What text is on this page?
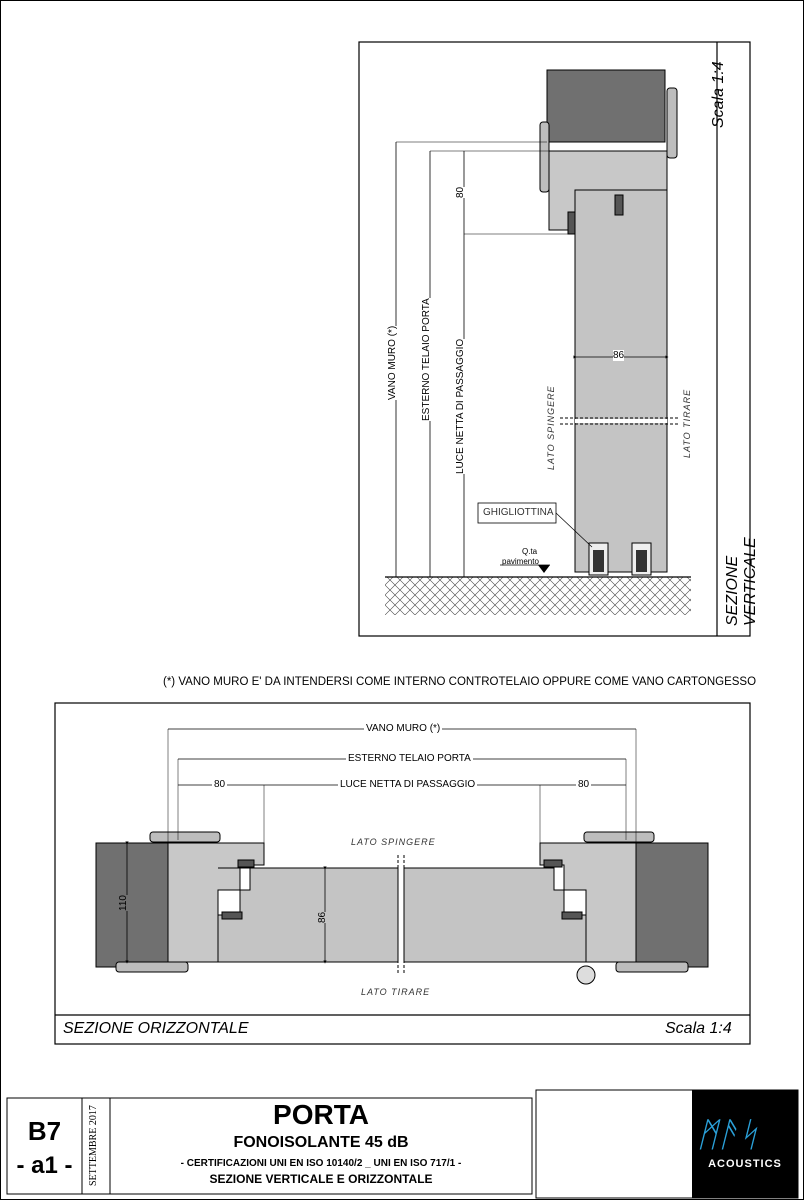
ᛗᚫᛋ
Scala 1:4
SEZIONE VERTICALE
VANO MURO (*) ESTERNO TELAIO PORTA LUCE NETTA DI PASSAGGIO
80
86
LATO SPINGERE	LATO TIRARE
GHIGLIOTTINA
Q.ta
pavimento
(*) VANO MURO E' DA INTENDERSI COME INTERNO CONTROTELAIO OPPURE COME VANO CARTONGESSO
VANO MURO (*)
ESTERNO TELAIO PORTA
LUCE NETTA DI PASSAGGIO
80	80
110
86
LATO SPINGERE
LATO TIRARE
SEZIONE ORIZZONTALE	Scala 1:4
B7
- a1 -	SETTEMBRE 2017	PORTA
FONOISOLANTE 45 dB
- CERTIFICAZIONI UNI EN ISO 10140/2 _ UNI EN ISO 717/1 -
SEZIONE VERTICALE E ORIZZONTALE
ACOUSTICS
